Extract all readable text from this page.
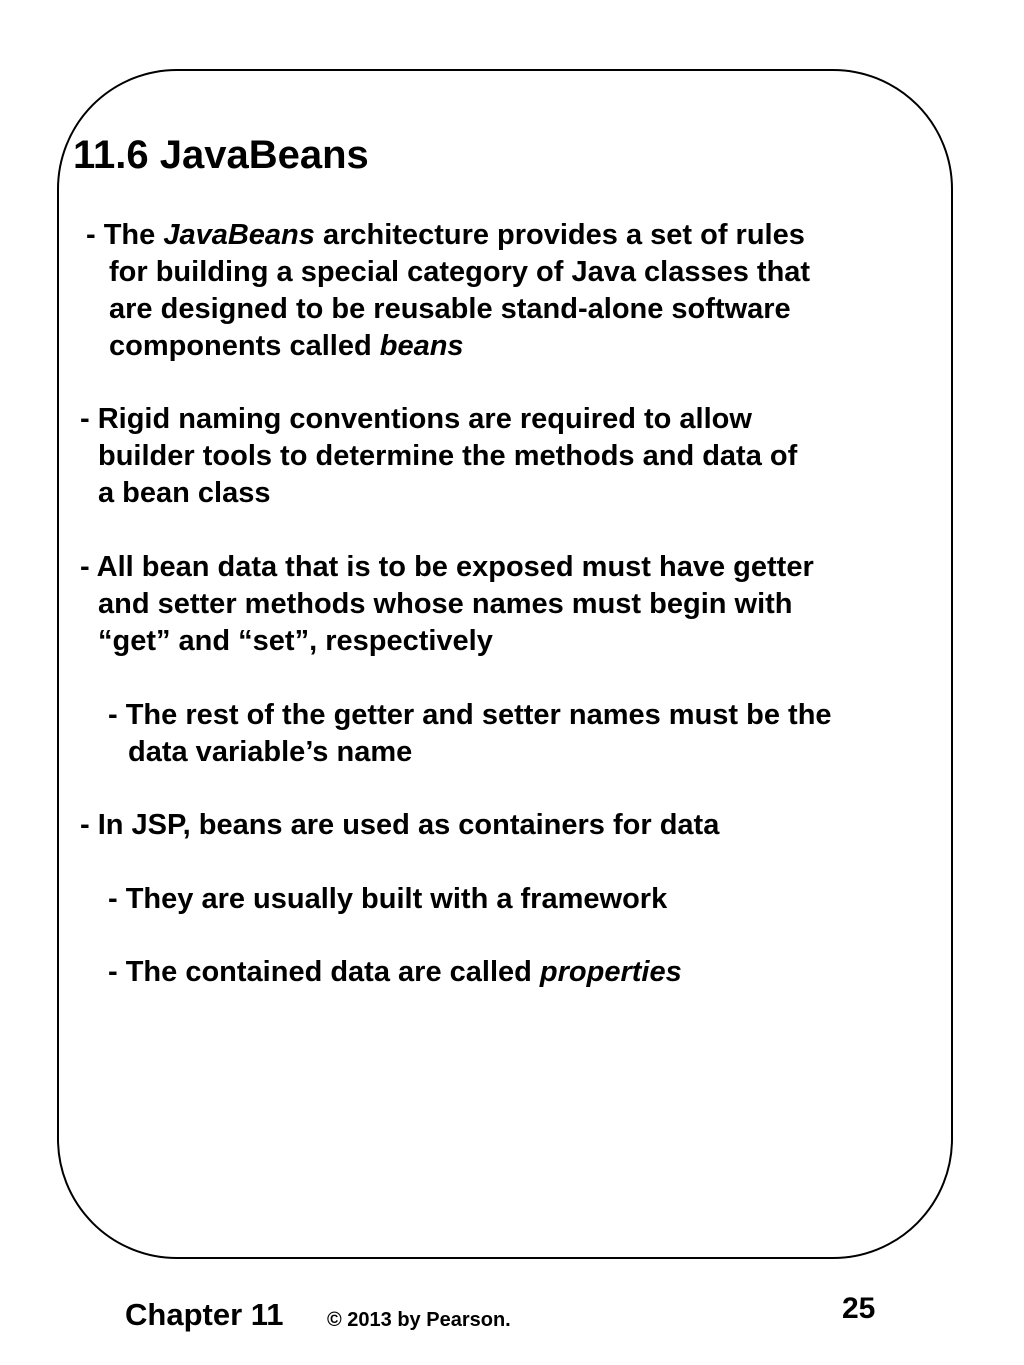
11.6 JavaBeans
- The JavaBeans architecture provides a set of rules
for building a special category of Java classes that
are designed to be reusable stand-alone software
components called beans
- Rigid naming conventions are required to allow
builder tools to determine the methods and data of
a bean class
- All bean data that is to be exposed must have getter
and setter methods whose names must begin with
“get” and “set”, respectively
- The rest of the getter and setter names must be the
data variable’s name
- In JSP, beans are used as containers for data
- They are usually built with a framework
- The contained data are called properties
Chapter 11 © 2013 by Pearson.	25
